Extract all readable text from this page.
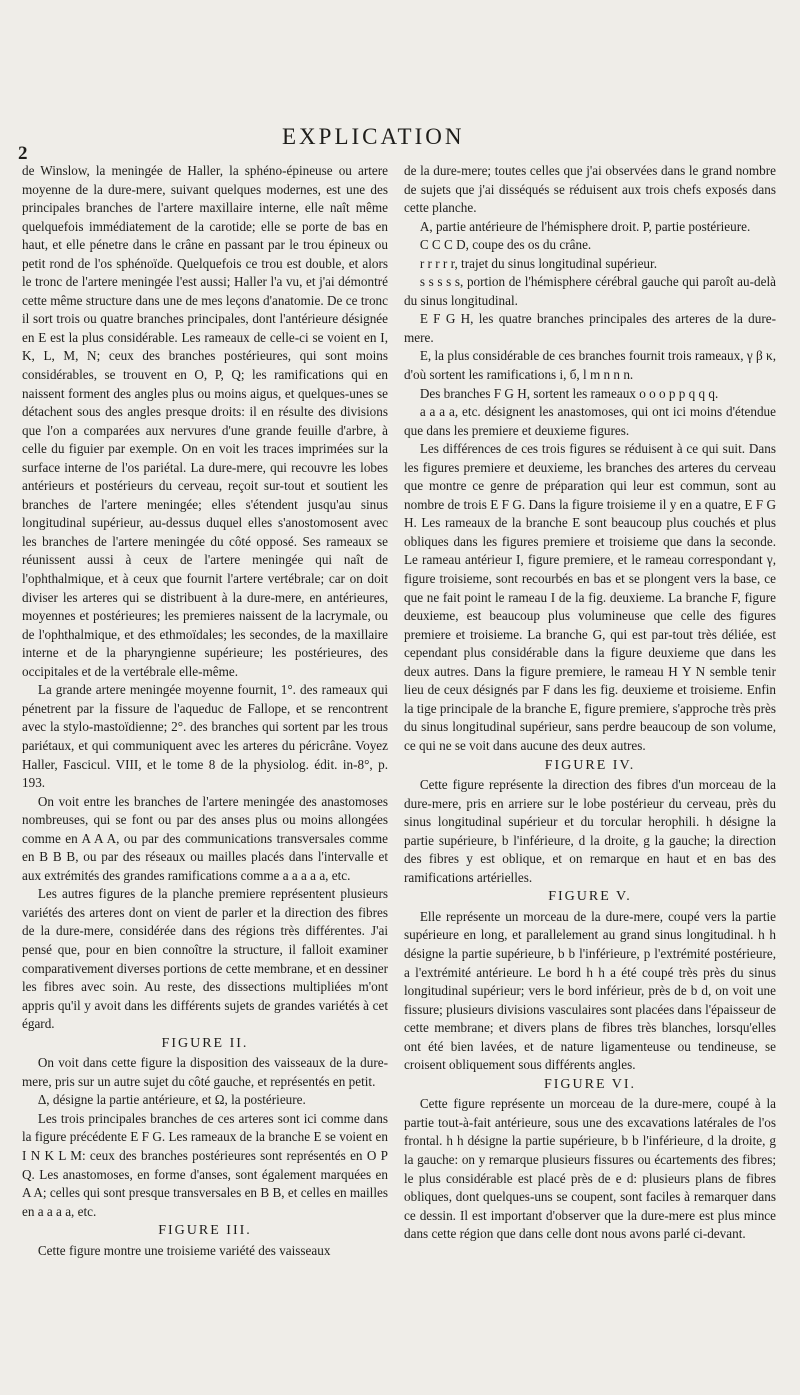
2
EXPLICATION

de Winslow, la meningée de Haller, la sphéno-épineuse ou artere moyenne de la dure-mere, suivant quelques modernes, est une des principales branches de l'artere maxillaire interne, elle naît même quelquefois immédiatement de la carotide; elle se porte de bas en haut, et elle pénetre dans le crâne en passant par le trou épineux ou petit rond de l'os sphénoïde. Quelquefois ce trou est double, et alors le tronc de l'artere meningée l'est aussi; Haller l'a vu, et j'ai démontré cette même structure dans une de mes leçons d'anatomie. De ce tronc il sort trois ou quatre branches principales, dont l'antérieure désignée en E est la plus considérable. Les rameaux de celle-ci se voient en I, K, L, M, N; ceux des branches postérieures, qui sont moins considérables, se trouvent en O, P, Q; les ramifications qui en naissent forment des angles plus ou moins aigus, et quelques-unes se détachent sous des angles presque droits: il en résulte des divisions que l'on a comparées aux nervures d'une grande feuille d'arbre, à celle du figuier par exemple. On en voit les traces imprimées sur la surface interne de l'os pariétal. La dure-mere, qui recouvre les lobes antérieurs et postérieurs du cerveau, reçoit sur-tout et soutient les branches de l'artere meningée; elles s'étendent jusqu'au sinus longitudinal supérieur, au-dessus duquel elles s'anostomosent avec les branches de l'artere meningée du côté opposé. Ses rameaux se réunissent aussi à ceux de l'artere meningée qui naît de l'ophthalmique, et à ceux que fournit l'artere vertébrale; car on doit diviser les arteres qui se distribuent à la dure-mere, en antérieures, moyennes et postérieures; les premieres naissent de la lacrymale, ou de l'ophthalmique, et des ethmoïdales; les secondes, de la maxillaire interne et de la pharyngienne supérieure; les postérieures, des occipitales et de la vertébrale elle-même.

La grande artere meningée moyenne fournit, 1°. des rameaux qui pénetrent par la fissure de l'aqueduc de Fallope, et se rencontrent avec la stylo-mastoïdienne; 2°. des branches qui sortent par les trous pariétaux, et qui communiquent avec les arteres du péricrâne. Voyez Haller, Fascicul. VIII, et le tome 8 de la physiolog. édit. in-8°, p. 193.

On voit entre les branches de l'artere meningée des anastomoses nombreuses, qui se font ou par des anses plus ou moins allongées comme en A A A, ou par des communications transversales comme en B B B, ou par des réseaux ou mailles placés dans l'intervalle et aux extrémités des grandes ramifications comme a a a a a, etc.

Les autres figures de la planche premiere représentent plusieurs variétés des arteres dont on vient de parler et la direction des fibres de la dure-mere, considérée dans des régions très différentes. J'ai pensé que, pour en bien connoître la structure, il falloit examiner comparativement diverses portions de cette membrane, et en dessiner les fibres avec soin. Au reste, des dissections multipliées m'ont appris qu'il y avoit dans les différents sujets de grandes variétés à cet égard.

FIGURE II.

On voit dans cette figure la disposition des vaisseaux de la dure-mere, pris sur un autre sujet du côté gauche, et représentés en petit.

Δ, désigne la partie antérieure, et Ω, la postérieure.

Les trois principales branches de ces arteres sont ici comme dans la figure précédente E F G. Les rameaux de la branche E se voient en I N K L M: ceux des branches postérieures sont représentés en O P Q. Les anastomoses, en forme d'anses, sont également marquées en A A; celles qui sont presque transversales en B B, et celles en mailles en a a a a, etc.

FIGURE III.

Cette figure montre une troisieme variété des vaisseaux

de la dure-mere; toutes celles que j'ai observées dans le grand nombre de sujets que j'ai disséqués se réduisent aux trois chefs exposés dans cette planche.

A, partie antérieure de l'hémisphere droit. P, partie postérieure.

C C C D, coupe des os du crâne.

r r r r r, trajet du sinus longitudinal supérieur.

s s s s s, portion de l'hémisphere cérébral gauche qui paroît au-delà du sinus longitudinal.

E F G H, les quatre branches principales des arteres de la dure-mere.

E, la plus considérable de ces branches fournit trois rameaux, γ β κ, d'où sortent les ramifications i, б, l m n n n.

Des branches F G H, sortent les rameaux o o o p p q q q.

a a a a, etc. désignent les anastomoses, qui ont ici moins d'étendue que dans les premiere et deuxieme figures.

Les différences de ces trois figures se réduisent à ce qui suit. Dans les figures premiere et deuxieme, les branches des arteres du cerveau que montre ce genre de préparation qui leur est commun, sont au nombre de trois E F G. Dans la figure troisieme il y en a quatre, E F G H. Les rameaux de la branche E sont beaucoup plus couchés et plus obliques dans les figures premiere et troisieme que dans la seconde. Le rameau antérieur I, figure premiere, et le rameau correspondant γ, figure troisieme, sont recourbés en bas et se plongent vers la base, ce que ne fait point le rameau I de la fig. deuxieme. La branche F, figure deuxieme, est beaucoup plus volumineuse que celle des figures premiere et troisieme. La branche G, qui est par-tout très déliée, est cependant plus considérable dans la figure deuxieme que dans les deux autres. Dans la figure premiere, le rameau H Y N semble tenir lieu de ceux désignés par F dans les fig. deuxieme et troisieme. Enfin la tige principale de la branche E, figure premiere, s'approche très près du sinus longitudinal supérieur, sans perdre beaucoup de son volume, ce qui ne se voit dans aucune des deux autres.

FIGURE IV.

Cette figure représente la direction des fibres d'un morceau de la dure-mere, pris en arriere sur le lobe postérieur du cerveau, près du sinus longitudinal supérieur et du torcular herophili. h désigne la partie supérieure, b l'inférieure, d la droite, g la gauche; la direction des fibres y est oblique, et on remarque en haut et en bas des ramifications artérielles.

FIGURE V.

Elle représente un morceau de la dure-mere, coupé vers la partie supérieure en long, et parallelement au grand sinus longitudinal. h h désigne la partie supérieure, b b l'inférieure, p l'extrémité postérieure, a l'extrémité antérieure. Le bord h h a été coupé très près du sinus longitudinal supérieur; vers le bord inférieur, près de b d, on voit une fissure; plusieurs divisions vasculaires sont placées dans l'épaisseur de cette membrane; et divers plans de fibres très blanches, lorsqu'elles ont été bien lavées, et de nature ligamenteuse ou tendineuse, se croisent obliquement sous différents angles.

FIGURE VI.

Cette figure représente un morceau de la dure-mere, coupé à la partie tout-à-fait antérieure, sous une des excavations latérales de l'os frontal. h h désigne la partie supérieure, b b l'inférieure, d la droite, g la gauche: on y remarque plusieurs fissures ou écartements des fibres; le plus considérable est placé près de e d: plusieurs plans de fibres obliques, dont quelques-uns se coupent, sont faciles à remarquer dans ce dessin. Il est important d'observer que la dure-mere est plus mince dans cette région que dans celle dont nous avons parlé ci-devant.
